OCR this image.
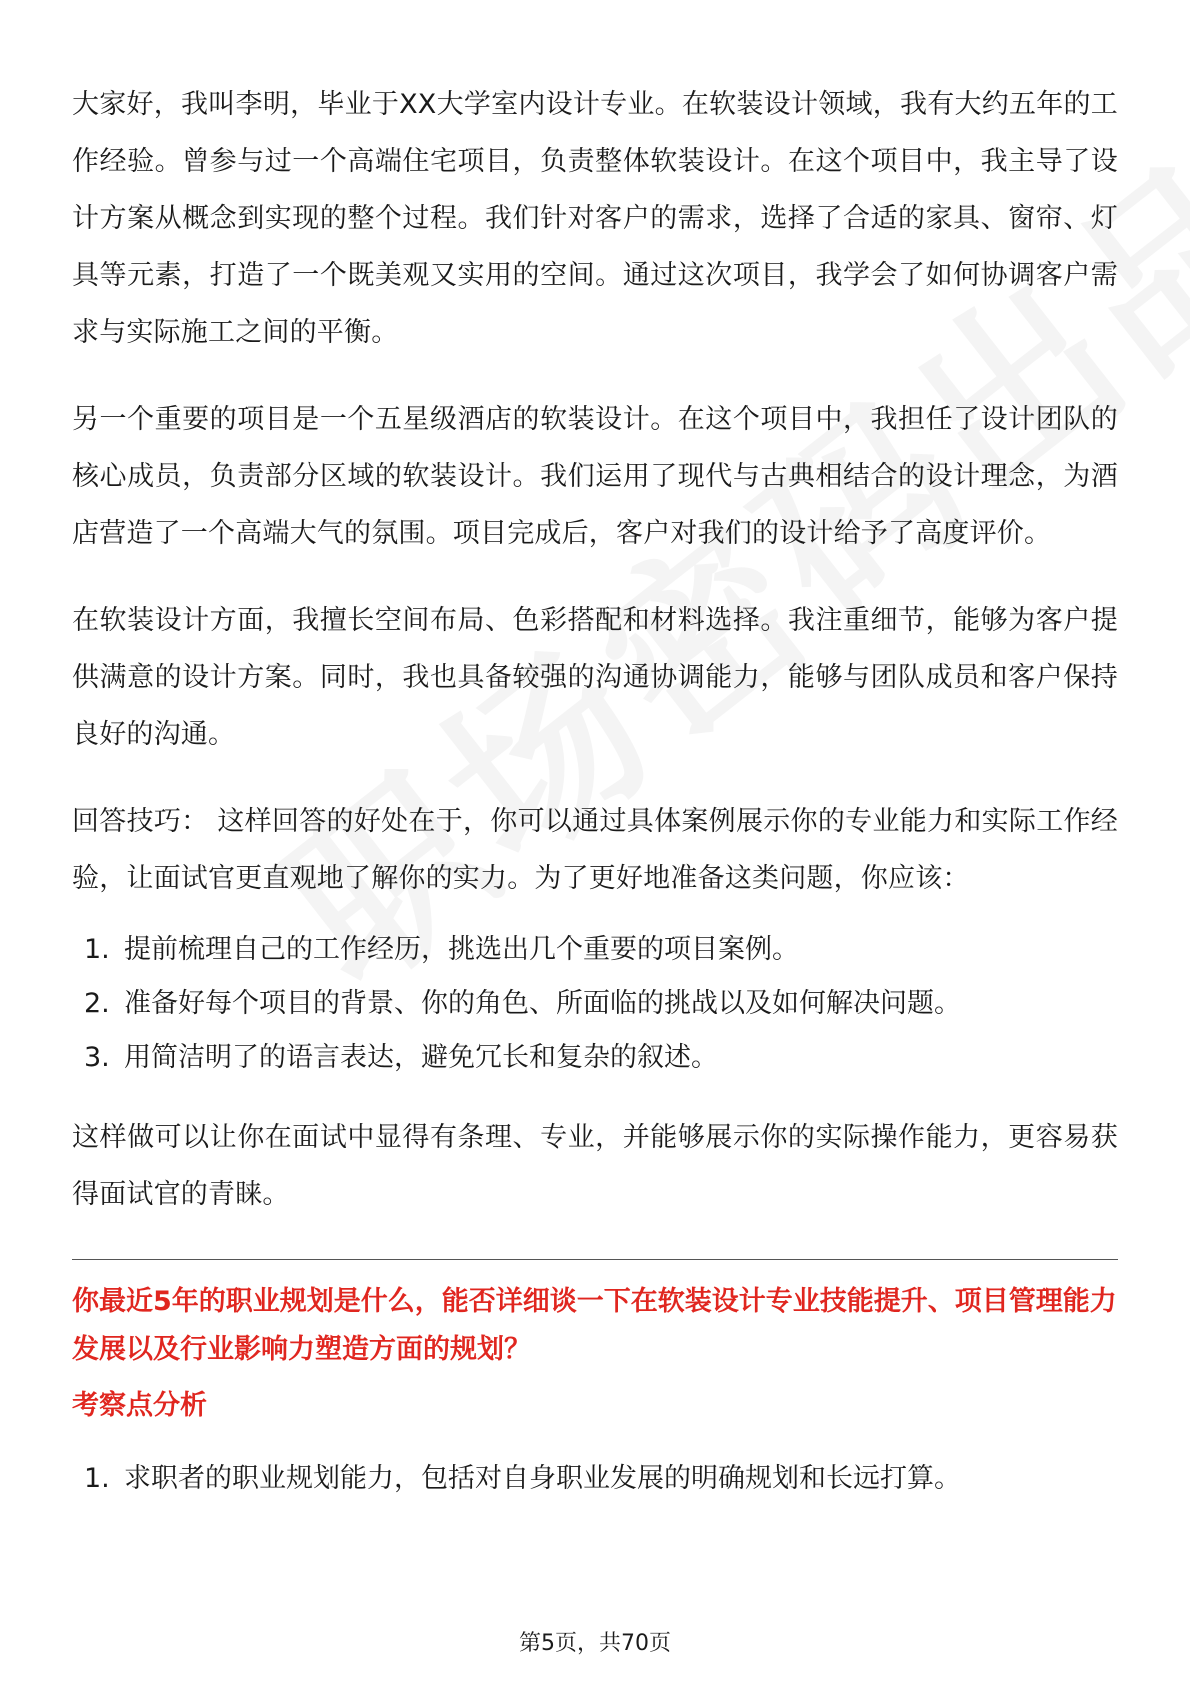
大家好，我叫李明，毕业于XX大学室内设计专业。在软装设计领域，我有大约五年的工作经验。曾参与过一个高端住宅项目，负责整体软装设计。在这个项目中，我主导了设计方案从概念到实现的整个过程。我们针对客户的需求，选择了合适的家具、窗帘、灯具等元素，打造了一个既美观又实用的空间。通过这次项目，我学会了如何协调客户需求与实际施工之间的平衡。

另一个重要的项目是一个五星级酒店的软装设计。在这个项目中，我担任了设计团队的核心成员，负责部分区域的软装设计。我们运用了现代与古典相结合的设计理念，为酒店营造了一个高端大气的氛围。项目完成后，客户对我们的设计给予了高度评价。

在软装设计方面，我擅长空间布局、色彩搭配和材料选择。我注重细节，能够为客户提供满意的设计方案。同时，我也具备较强的沟通协调能力，能够与团队成员和客户保持良好的沟通。

回答技巧： 这样回答的好处在于，你可以通过具体案例展示你的专业能力和实际工作经验，让面试官更直观地了解你的实力。为了更好地准备这类问题，你应该：

1. 提前梳理自己的工作经历，挑选出几个重要的项目案例。
2. 准备好每个项目的背景、你的角色、所面临的挑战以及如何解决问题。
3. 用简洁明了的语言表达，避免冗长和复杂的叙述。

这样做可以让你在面试中显得有条理、专业，并能够展示你的实际操作能力，更容易获得面试官的青睐。

你最近5年的职业规划是什么，能否详细谈一下在软装设计专业技能提升、项目管理能力发展以及行业影响力塑造方面的规划？

考察点分析

1. 求职者的职业规划能力，包括对自身职业发展的明确规划和长远打算。
第5页，共70页
